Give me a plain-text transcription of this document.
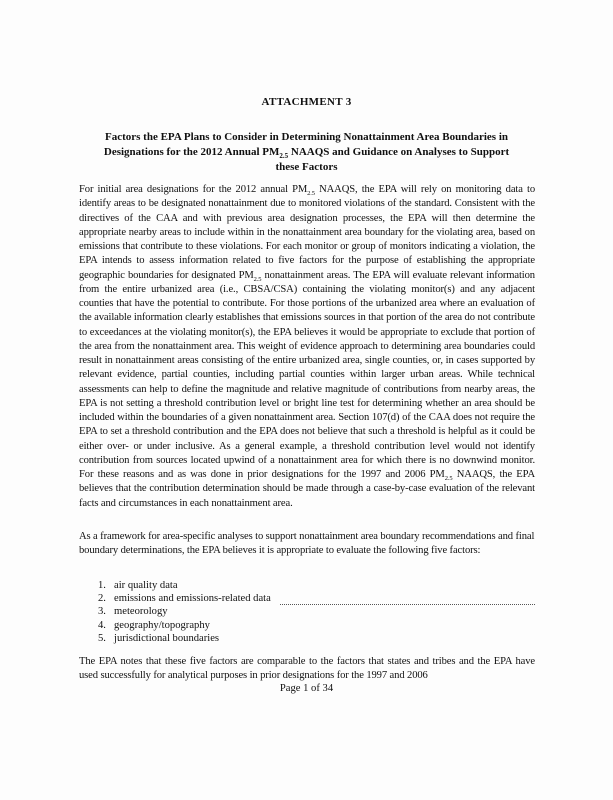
ATTACHMENT 3
Factors the EPA Plans to Consider in Determining Nonattainment Area Boundaries in
Designations for the 2012 Annual $PM_{2.5}$ NAAQS and Guidance on Analyses to Support
these Factors
For initial area designations for the 2012 annual $PM_{2.5}$ NAAQS, the EPA will rely on monitoring data to identify areas to be designated nonattainment due to monitored violations of the standard. Consistent with the directives of the CAA and with previous area designation processes, the EPA will then determine the appropriate nearby areas to include within in the nonattainment area boundary for the violating area, based on emissions that contribute to these violations. For each monitor or group of monitors indicating a violation, the EPA intends to assess information related to five factors for the purpose of establishing the appropriate geographic boundaries for designated $PM_{2.5}$ nonattainment areas. The EPA will evaluate relevant information from the entire urbanized area (i.e., CBSA/CSA) containing the violating monitor(s) and any adjacent counties that have the potential to contribute. For those portions of the urbanized area where an evaluation of the available information clearly establishes that emissions sources in that portion of the area do not contribute to exceedances at the violating monitor(s), the EPA believes it would be appropriate to exclude that portion of the area from the nonattainment area. This weight of evidence approach to determining area boundaries could result in nonattainment areas consisting of the entire urbanized area, single counties, or, in cases supported by relevant evidence, partial counties, including partial counties within larger urban areas. While technical assessments can help to define the magnitude and relative magnitude of contributions from nearby areas, the EPA is not setting a threshold contribution level or bright line test for determining whether an area should be included within the boundaries of a given nonattainment area. Section 107(d) of the CAA does not require the EPA to set a threshold contribution and the EPA does not believe that such a threshold is helpful as it could be either over- or under inclusive. As a general example, a threshold contribution level would not identify contribution from sources located upwind of a nonattainment area for which there is no downwind monitor. For these reasons and as was done in prior designations for the 1997 and 2006 $PM_{2.5}$ NAAQS, the EPA believes that the contribution determination should be made through a case-by-case evaluation of the relevant facts and circumstances in each nonattainment area.
As a framework for area-specific analyses to support nonattainment area boundary recommendations and final boundary determinations, the EPA believes it is appropriate to evaluate the following five factors:
1. air quality data
2. emissions and emissions-related data
3. meteorology
4. geography/topography
5. jurisdictional boundaries
The EPA notes that these five factors are comparable to the factors that states and tribes and the EPA have used successfully for analytical purposes in prior designations for the 1997 and 2006
Page 1 of 34
